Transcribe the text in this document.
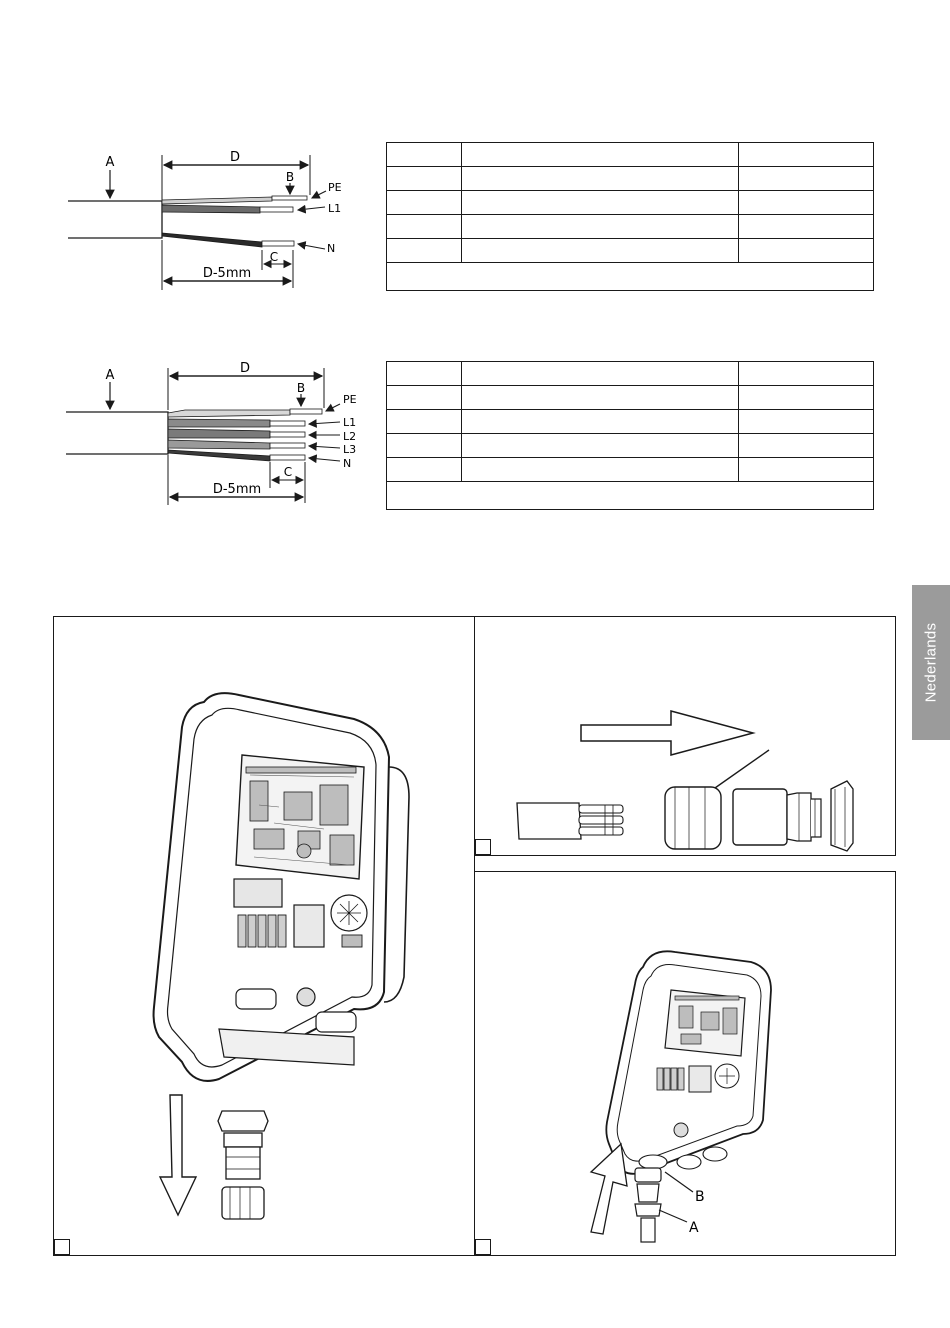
D
A
B
PE
L1
N
C
D-5mm

D
A
B
PE
L1
L2
L3
N
C
D-5mm

Nederlands
B
A
